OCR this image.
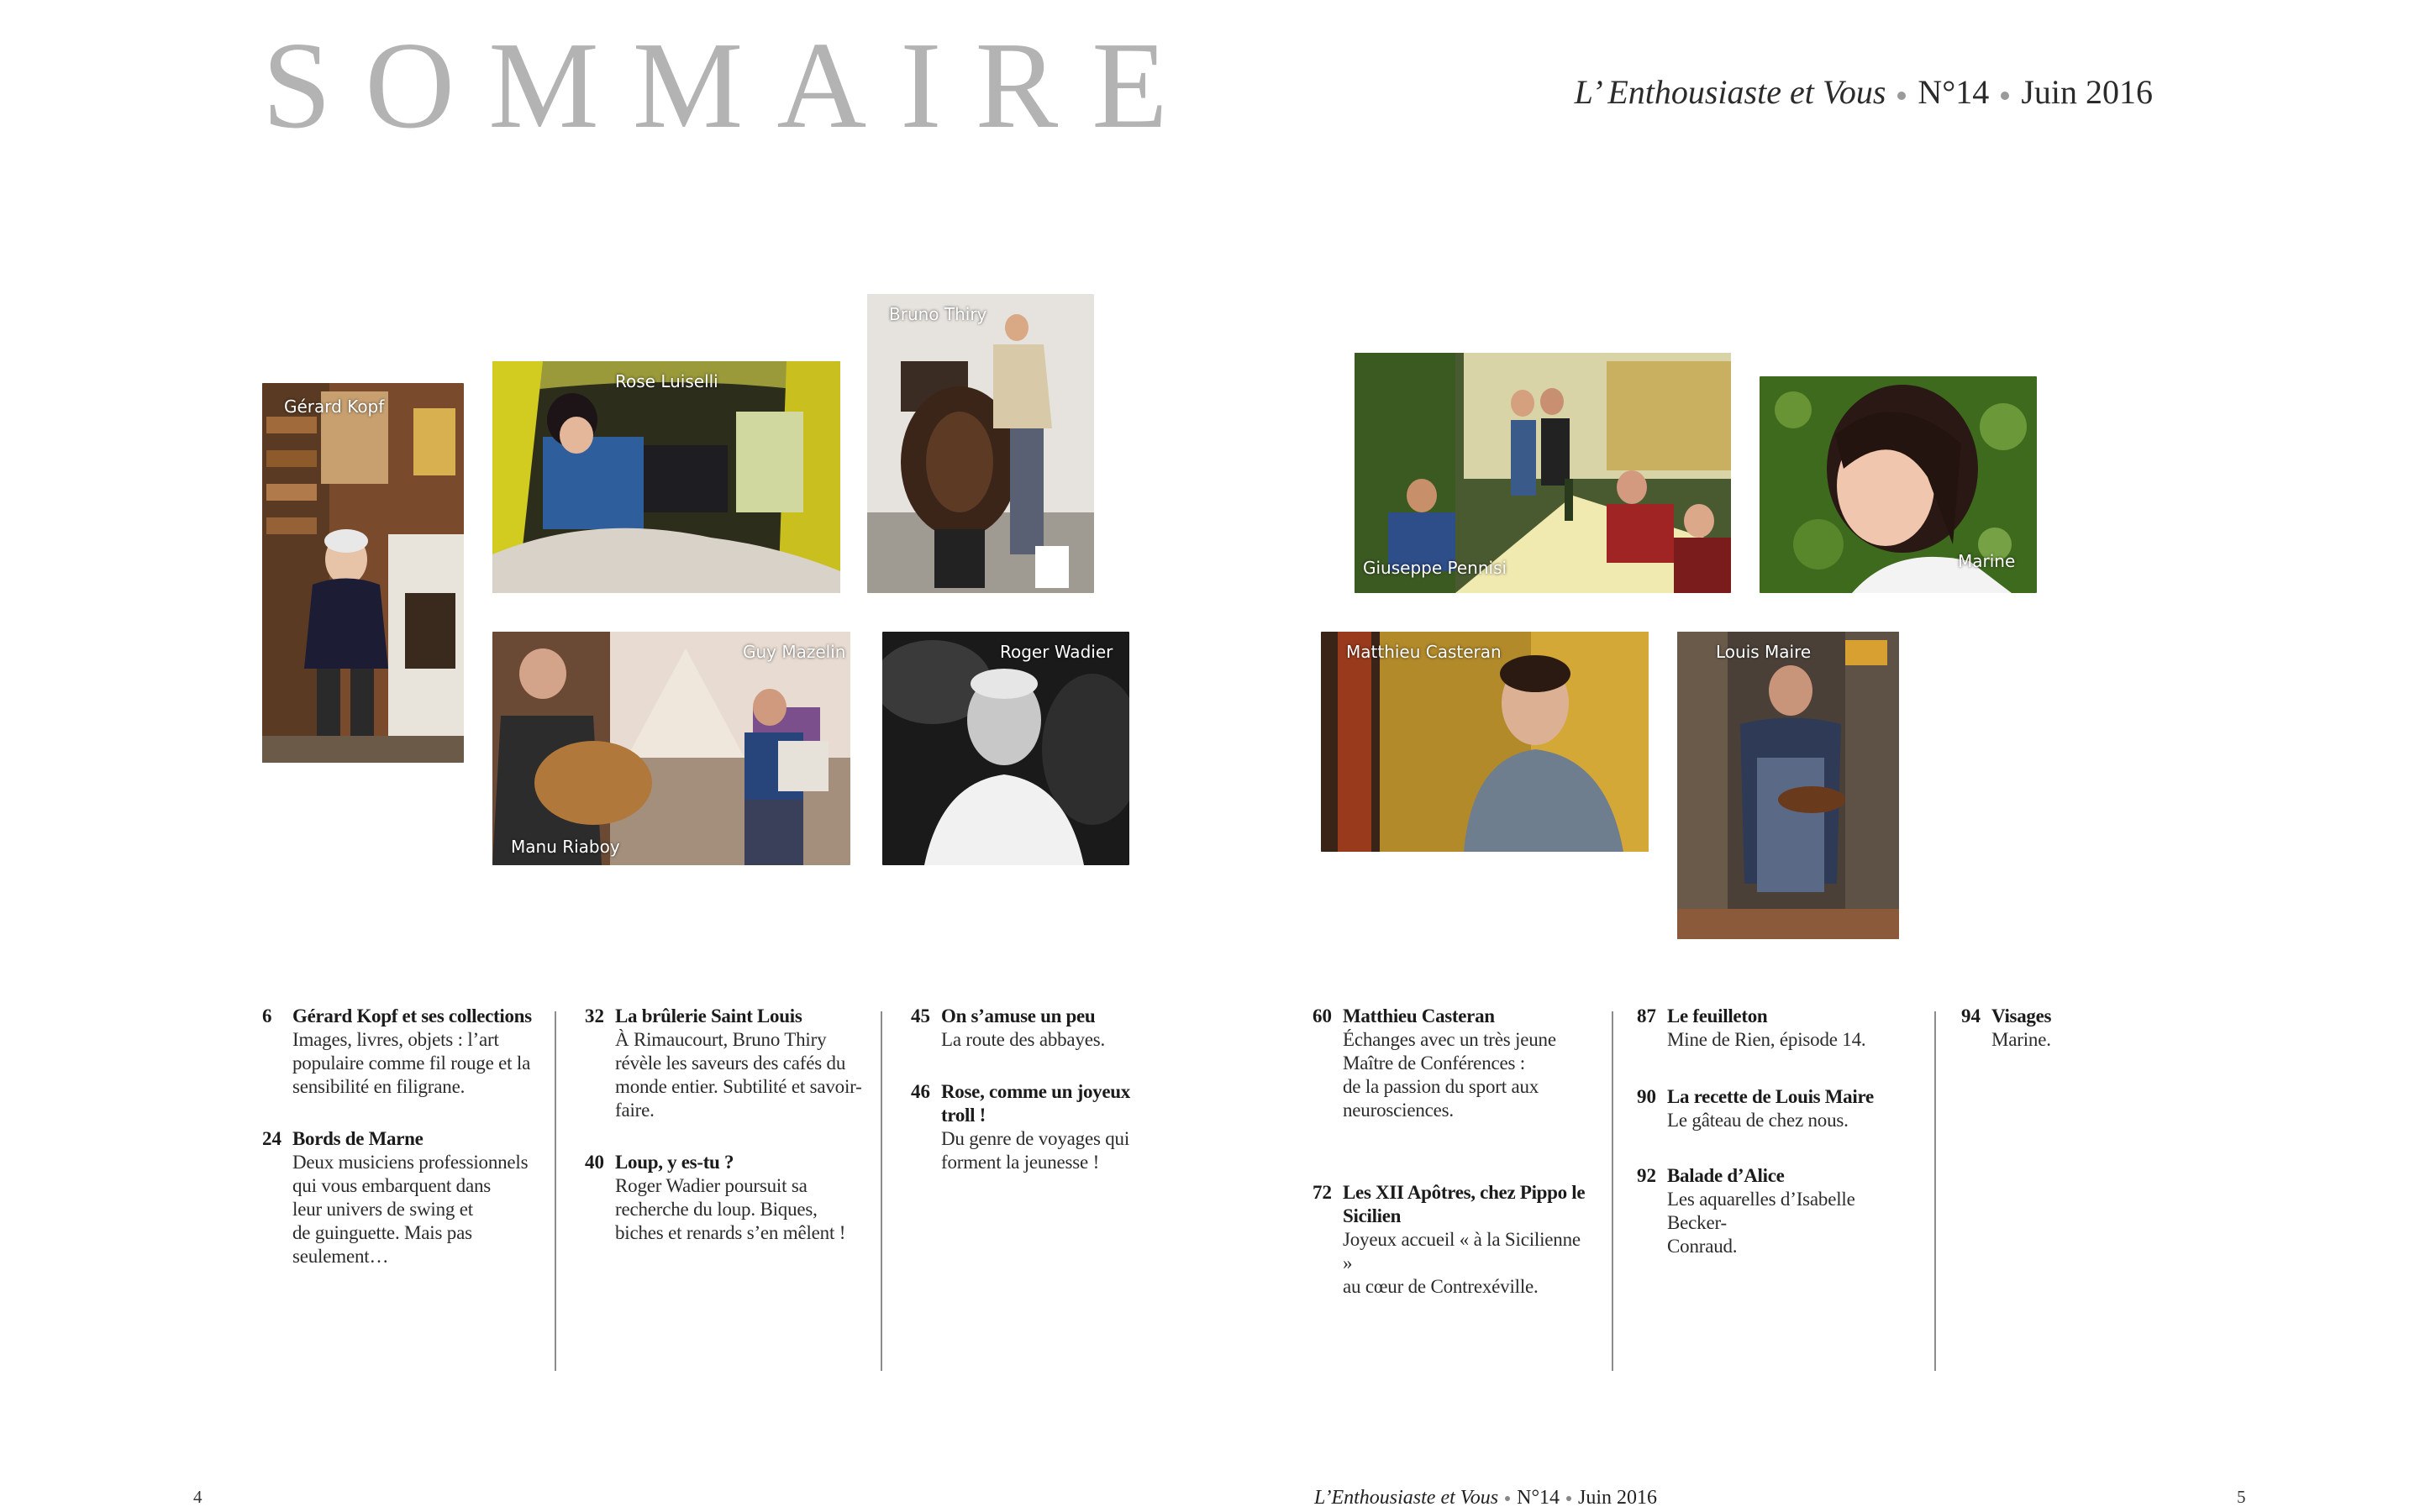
SOMMAIRE	L’ Enthousiaste et Vous N°14 Juin 2016
Gérard Kopf
Rose Luiselli
Bruno Thiry
Guy Mazelin
Manu Riaboy
Roger Wadier
Giuseppe Pennisi	Marine
Matthieu Casteran	Louis Maire
6 Gérard Kopf et ses collections
Images, livres, objets : l’art
populaire comme fil rouge et la
sensibilité en filigrane.
24 Bords de Marne
Deux musiciens professionnels
qui vous embarquent dans
leur univers de swing et
de guinguette. Mais pas
seulement…
32 La brûlerie Saint Louis
À Rimaucourt, Bruno Thiry
révèle les saveurs des cafés du
monde entier. Subtilité et savoir-
faire.
40 Loup, y es-tu ?
Roger Wadier poursuit sa
recherche du loup. Biques,
biches et renards s’en mêlent !
45 On s’amuse un peu
La route des abbayes.
46 Rose, comme un joyeux troll !
Du genre de voyages qui
forment la jeunesse !
60 Matthieu Casteran
Échanges avec un très jeune
Maître de Conférences :
de la passion du sport aux
neurosciences.
72 Les XII Apôtres, chez Pippo le Sicilien
Joyeux accueil « à la Sicilienne »
au cœur de Contrexéville.
87 Le feuilleton
Mine de Rien, épisode 14.
90 La recette de Louis Maire
Le gâteau de chez nous.
92 Balade d’Alice
Les aquarelles d’Isabelle Becker-
Conraud.
94 Visages
Marine.
4	L’Enthousiaste et Vous N°14 Juin 2016	5
